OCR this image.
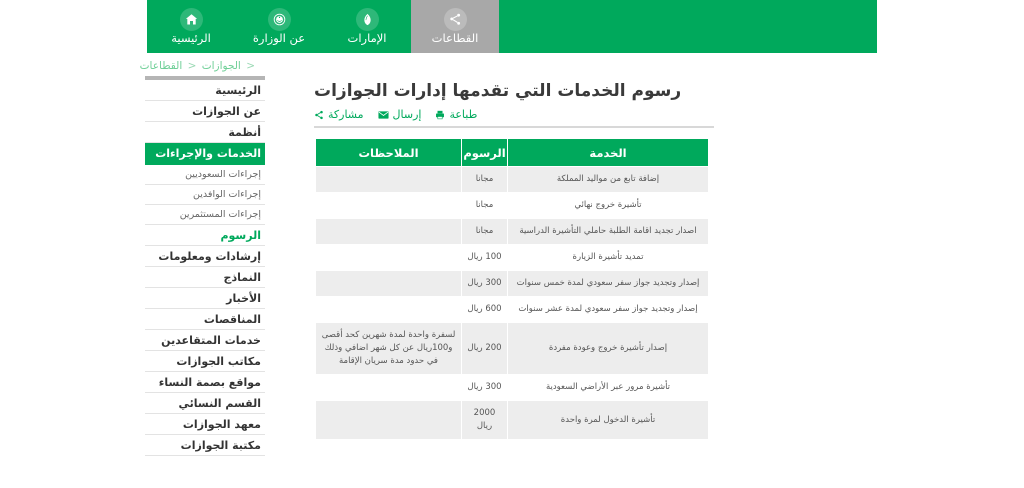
القطاعات
الإمارات
عن الوزارة
الرئيسية
< الجوازات < القطاعات
الرئيسية
عن الجوازات
أنظمة
الخدمات والإجراءات
إجراءات السعوديين
إجراءات الوافدين
إجراءات المستثمرين
الرسوم
إرشادات ومعلومات
النماذج
الأخبار
المناقصات
خدمات المتقاعدين
مكاتب الجوازات
مواقع بصمة النساء
القسم النسائي
معهد الجوازات
مكتبة الجوازات
رسوم الخدمات التي تقدمها إدارات الجوازات
مشاركة	إرسال	طباعة
الخدمة	الرسوم	الملاحظات
إضافة تابع من مواليد المملكة	مجانا	
تأشيرة خروج نهائي	مجانا	
اصدار تجديد اقامة الطلبة حاملي التأشيرة الدراسية	مجانا	
تمديد تأشيرة الزيارة	100 ريال	
إصدار وتجديد جواز سفر سعودي لمدة خمس سنوات	300 ريال	
إصدار وتجديد جواز سفر سعودي لمدة عشر سنوات	600 ريال	
إصدار تأشيرة خروج وعودة مفردة	200 ريال	لسفرة واحدة لمدة شهرين كحد أقصى و100ريال عن كل شهر اضافي وذلك في حدود مدة سريان الإقامة
تأشيرة مرور عبر الأراضي السعودية	300 ريال	
تأشيرة الدخول لمرة واحدة	2000 ريال	
